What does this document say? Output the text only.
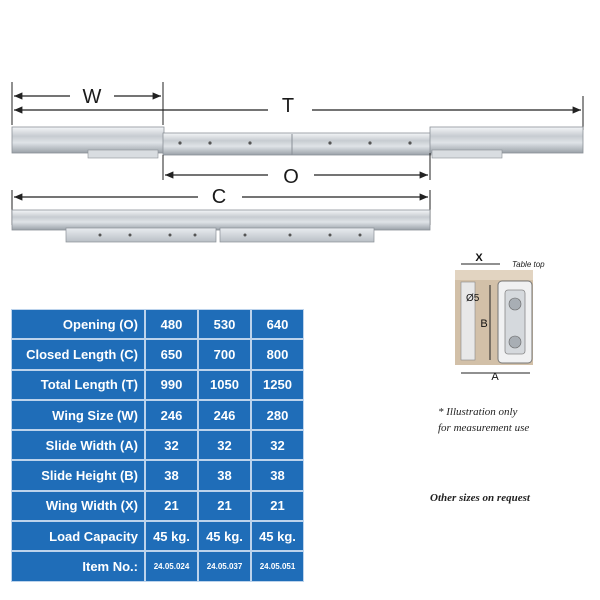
W	T
O
C
X
Table top
Ø5
B
A
Opening (O)	480	530	640
Closed Length (C)	650	700	800
Total Length (T)	990	1050	1250
Wing Size (W)	246	246	280
Slide Width (A)	32	32	32
Slide Height (B)	38	38	38
Wing Width (X)	21	21	21
Load Capacity	45 kg.	45 kg.	45 kg.
Item No.:	24.05.024	24.05.037	24.05.051
* Illustration only
for measurement use
Other sizes on request
